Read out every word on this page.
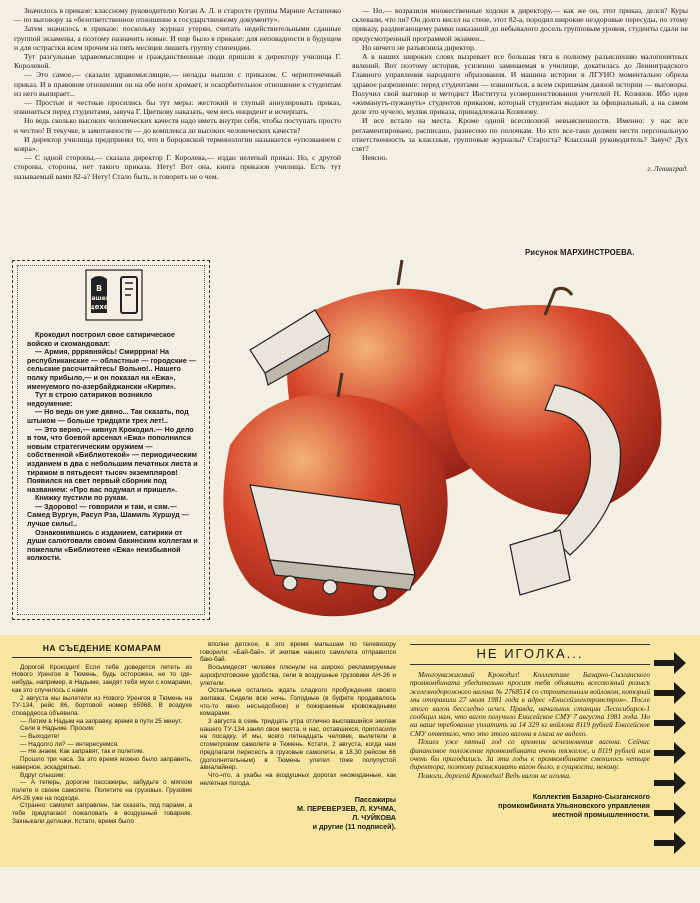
Значилось в приказе: классному руководителю Коган А. Л. и старосте группы Марине Астапенко — по выговору за «безответственное отношение к государственному документу».

Затем значилось в приказе: поскольку журнал утерян, считать недействительными сданные группой экзамены, а поэтому назначить новые. И еще было в приказе: для неповадности в будущем и для острастки всем прочим на пять месяцев лишить группу стипендии.

Тут разгульные здравомыслящие и гражданственные люди пришли к директору училища Г. Королевой.

— Это самое,— сказали здравомыслящие,— нелады вышли с приказом. С черноточечный приказ. И в правовом отношении он на обе ноги хромает, и оскорбительное отношение к студентам из него выпирает...

— Простые и честные просились бы тут меры: жестокий и глупый аннулировать приказ, извиниться перед студентами, завуча Г. Цветкову наказать, чем весь инцидент и исчерпать.

Но ведь сколько высоких человеческих качеств надо иметь внутри себя, чтобы поступать просто и честно! В текучке, в замотанности — до комплекса ли высоких человеческих качеств?

И директор училища предпринял то, что в борцовской терминологии называется «упозванием с ковра».

— С одной стороны,— сказала директор Г. Королева,— издан нелепый приказ. Но, с другой стороны, стороны, нет такого приказа. Нету! Вот она, книга приказов училища. Есть тут называемый вами 82-а? Нету! Стало быть, и говорить не о чем.

— Но,— возразили множественные ходоки к директору,— как же он, этот приказ, делся? Куры склевали, что ли? Он долго висел на стене, этот 82-а, породил широкие нездоровые пересуды, по этому приказу, раздвигающему рамки наказаний до небывалого досель групповым уровня, студенты сдали не предусмотренный программой экзамен...

Но ничего не разъяснила директор.

А в наших широких слоях вызревает все большая тяга к полному разъяснению малопонятных явлений. Вот поэтому история, усиленно заминаемая в училище, докатилась до Ленинградского Главного управления народного образования. И машина истории в ЛГУНО моментально обрела здравое разрешение: перед студентами — извиниться, а всем скрипачам данной истории — выговоры. Получил свой выговор и методист Института усовершенствования учителей Н. Козинов. Ибо идея «жиманутъ-пужануть» студентов приказом, который студентам выдают за официальный, а на самом деле это чучело, муляж приказа, принадлежала Козинову.

И все встало на места. Кроме одной всесоюзной невыясненности. Именно: у нас все регламентировано, расписано, разнесено по полочкам. Но кто все-таки должен нести персональную ответственность за классные, групповые журналы? Староста? Классный руководитель? Завуч? Дух сзят?

Неясно.

г. Ленинград.
Рисунок МАРХИНСТРОЕВА.
В
нашем
цехе

Крокодил построил свое сатирическое войско и скомандовал:

— Армия, рррявняйсь! Смирррна! На республиканские — областные — городские — сельские рассчитайтесь! Вольно!.. Нашего полку прибыло,— и он показал на «Ежа», именуемого по-азербайджански «Кирпи».

Тут в строю сатириков возникло недоумение:

— Но ведь он уже давно... Так сказать, под штыком — больше тридцати трех лет!..

— Это верно,— кивнул Крокодил.— Но дело в том, что боевой арсенал «Ежа» пополнился новым стратегическим оружием — собственной «Библиотекой» — периодическим изданием в два с небольшим печатных листа и тиражом в пятьдесят тысяч экземпляров! Появился на свет первый сборник под названием: «Про вас подумал и пришел».

Книжку пустили по рукам.

— Здорово! — говорили и там, и сям.— Самед Вургун, Расул Рза, Шамиль Хуршуд — лучше силы!..

Ознакомившись с изданием, сатирики от души салютовали своим бакинским коллегам и пожелали «Библиотеке «Ежа» неизбывной колкости.

НА СЪЕДЕНИЕ КОМАРАМ

Дорогой Крокодил! Если тебе доведется лететь из Нового Уренгоя в Тюмень, будь осторожен, не то где-нибудь, например, в Надыме, заедят тебя мухи с комарами, как это случилось с нами.

2 августа мы вылетели из Нового Уренгоя в Тюмень на ТУ-134, рейс 86, бортовой номер 65968. В воздухе стюардесса объявила:

— Летим в Надым на заправку, время в пути 25 минут.

Сели в Надыме. Просим:

— Выходите!

— Надолго ли? — интересуемся.

— Не знаем. Как заправят, так и полетим.

Прошло три часа. За это время можно было заправить, наверное, эскадрилью.

Вдруг слышим:

— А теперь, дорогие пассажиры, забудьте о мягком полете и своем самолете. Полетите на грузовых. Грузовик АН-26 уже на подходе.

Странно: самолет заправлен, так сказать, под парами, а тебе предлагают пожаловать в воздушный товарняк. Захныкали детишки. Кстати, время было

вполне детское, в это время малышам по телевизору говорили: «Бай-бай». И экипаж нашего самолета отправился баю-бай.

Восьмидесят человек плюнули на широко рекламируемые аэрофлотовские удобства, сели в воздушные грузовики АН-26 и улетели.

Остальные остались ждать сладкого пробуждения своего экипажа. Сидели всю ночь. Голодные (в буфете продавалось что-то явно несъедобное) и пожираемые кровожадными комарами.

3 августа в семь тридцать утра отлично выспавшийся экипаж нашего ТУ-134 занял свои места, и нас, оставшихся, пригласили на посадку. И мы, всего пятнадцать человек, вылетели в стометровом самолете в Тюмень. Кстати, 2 августа, когда нам предлагали пересесть в грузовые самолеты, в 18.30 рейсом 66 (дополнительным) в Тюмень улетел тоже полупустой авиалайнер.

Что-что, а ухабы на воздушных дорогах неожиданные, как нелетная погода.

Пассажиры
М. ПЕРЕВЕРЗЕВ, Л. КУЧМА,
Л. ЧУЙКОВА
и другие (11 подписей).
НЕ ИГОЛКА...

Многоуважаемый Крокодил! Коллективе Базарно-Сызганского промкомбината убедительно просит тебя объявить всесоюзный розыск железнодорожного вагона № 2768514 со строительным войлоком, который мы отправили 27 июля 1981 года в адрес «Енисейэлектромстрон». После этого вагон бесследно исчез. Правда, начальник станции Лесосибирск-1 сообщил нам, что вагон получило Енисейское СМУ 7 августа 1981 года. Но на наше требование уплатить за 14 329 кг войлока 8119 рублей Енисейское СМУ ответило, что это этого вагона в глаза не видело.

Пошел уже пятый год со времени исчезновения вагона. Сейчас финансовое положение промкомбината очень тяжелое, и 8119 рублей нам очень бы пригодились. За эти годы к промкомбинате сменилось четыре директора, поэтому разыскивать вагон было, в сущности, некому.

Помоги, дорогой Крокодил! Ведь вагон не иголка.

Коллектив Базарно-Сызганского
промкомбината Ульяновского управления
местной промышленности.
7
